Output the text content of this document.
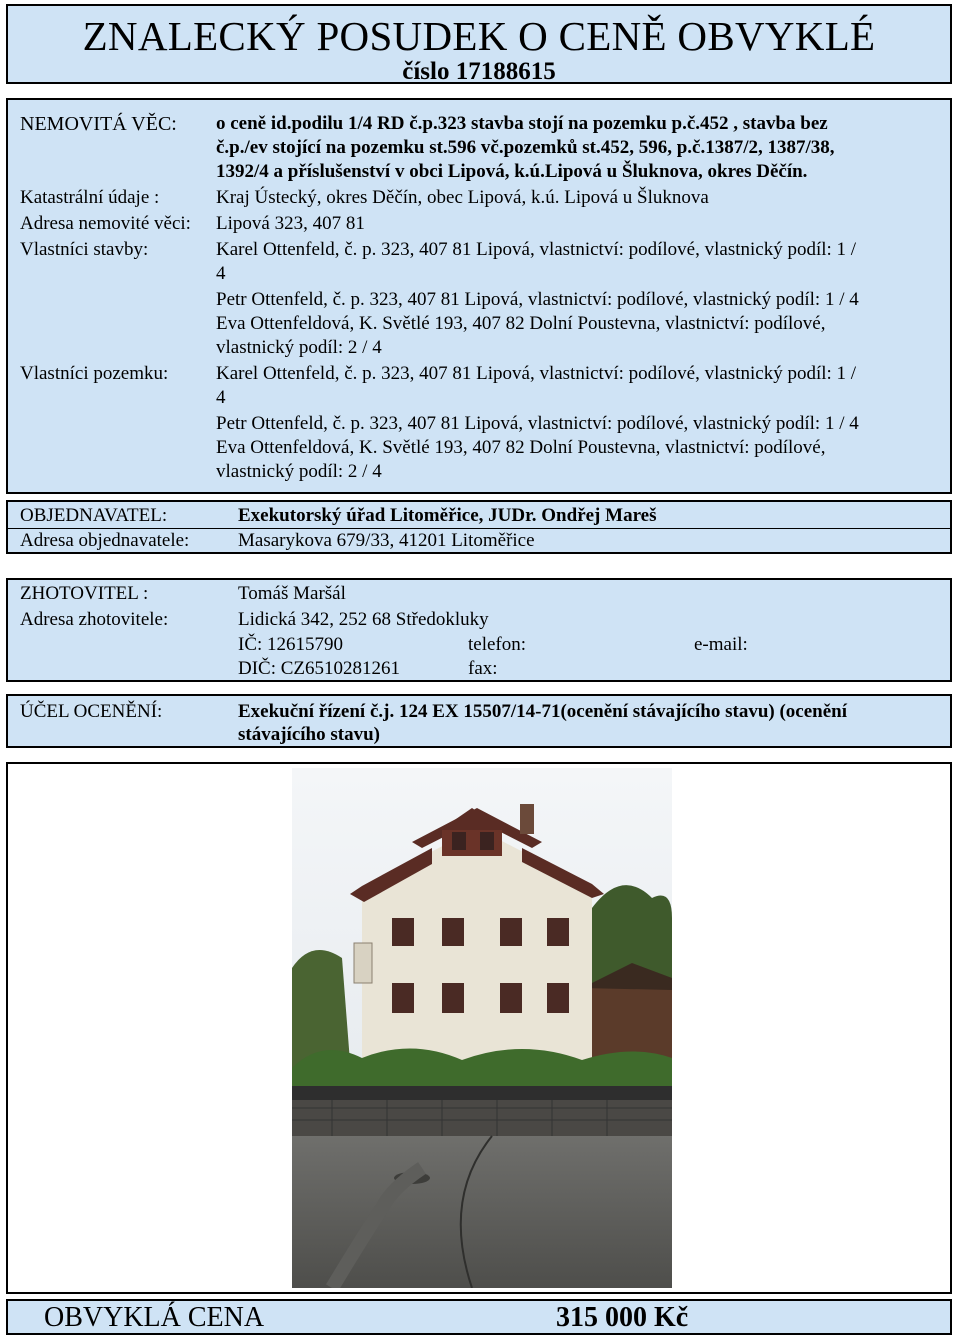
ZNALECKÝ POSUDEK O CENĚ OBVYKLÉ
číslo 17188615
NEMOVITÁ VĚC: o ceně id.podilu 1/4 RD č.p.323 stavba stojí na pozemku p.č.452 , stavba bez
č.p./ev stojící na pozemku st.596 vč.pozemků st.452, 596, p.č.1387/2, 1387/38,
1392/4 a příslušenství v obci Lipová, k.ú.Lipová u Šluknova, okres Děčín.
Katastrální údaje :	Kraj Ústecký, okres Děčín, obec Lipová, k.ú. Lipová u Šluknova
Adresa nemovité věci: Lipová 323, 407 81
Vlastníci stavby:	Karel Ottenfeld, č. p. 323, 407 81 Lipová, vlastnictví: podílové, vlastnický podíl: 1 /
4
Petr Ottenfeld, č. p. 323, 407 81 Lipová, vlastnictví: podílové, vlastnický podíl: 1 / 4
Eva Ottenfeldová, K. Světlé 193, 407 82 Dolní Poustevna, vlastnictví: podílové,
vlastnický podíl: 2 / 4
Vlastníci pozemku:	Karel Ottenfeld, č. p. 323, 407 81 Lipová, vlastnictví: podílové, vlastnický podíl: 1 /
4
Petr Ottenfeld, č. p. 323, 407 81 Lipová, vlastnictví: podílové, vlastnický podíl: 1 / 4
Eva Ottenfeldová, K. Světlé 193, 407 82 Dolní Poustevna, vlastnictví: podílové,
vlastnický podíl: 2 / 4
OBJEDNAVATEL:	Exekutorský úřad Litoměřice, JUDr. Ondřej Mareš
Adresa objednavatele:	Masarykova 679/33, 41201 Litoměřice
ZHOTOVITEL :	Tomáš Maršál
Adresa zhotovitele:	Lidická 342, 252 68 Středokluky
IČ: 12615790	telefon:	e-mail:
DIČ: CZ6510281261	fax:
ÚČEL OCENĚNÍ:	Exekuční řízení č.j. 124 EX 15507/14-71(ocenění stávajícího stavu) (ocenění
stávajícího stavu)
OBVYKLÁ CENA	315 000 Kč
